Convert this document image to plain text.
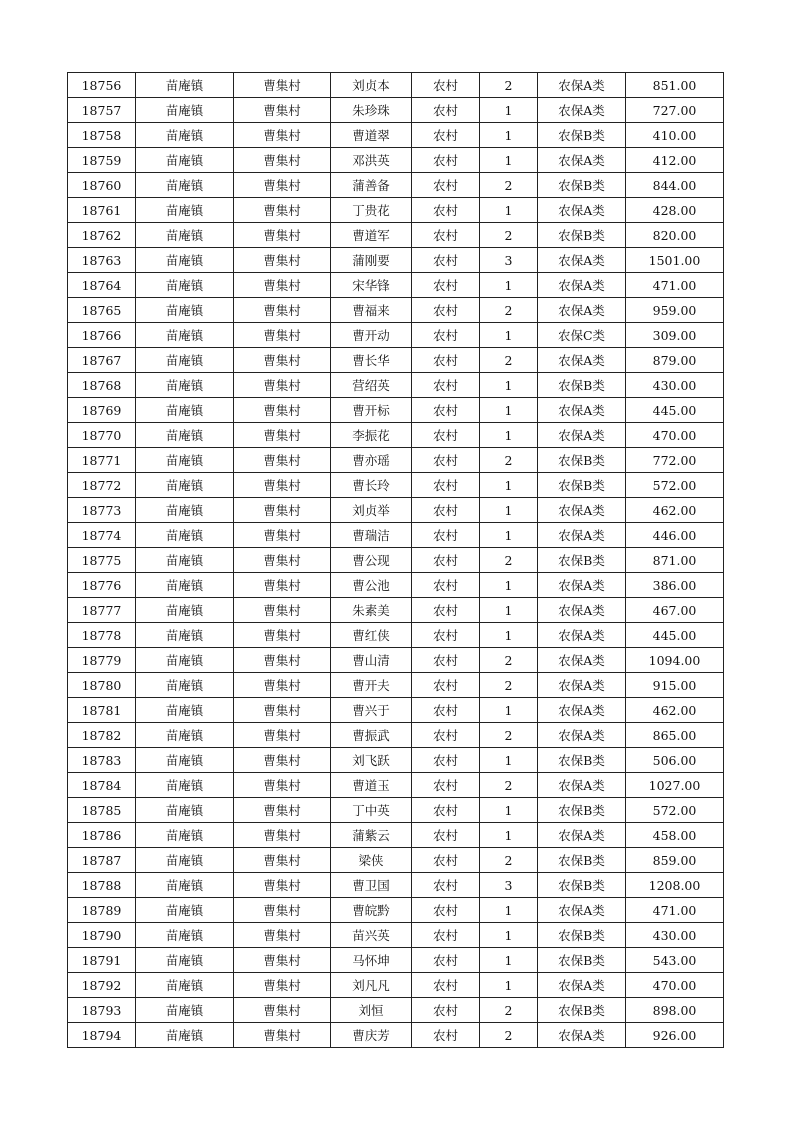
18756	苗庵镇	曹集村	刘贞本	农村	2	农保A类	851.00
18757	苗庵镇	曹集村	朱珍珠	农村	1	农保A类	727.00
18758	苗庵镇	曹集村	曹道翠	农村	1	农保B类	410.00
18759	苗庵镇	曹集村	邓洪英	农村	1	农保A类	412.00
18760	苗庵镇	曹集村	蒲善备	农村	2	农保B类	844.00
18761	苗庵镇	曹集村	丁贵花	农村	1	农保A类	428.00
18762	苗庵镇	曹集村	曹道军	农村	2	农保B类	820.00
18763	苗庵镇	曹集村	蒲刚要	农村	3	农保A类	1501.00
18764	苗庵镇	曹集村	宋华锋	农村	1	农保A类	471.00
18765	苗庵镇	曹集村	曹福来	农村	2	农保A类	959.00
18766	苗庵镇	曹集村	曹开动	农村	1	农保C类	309.00
18767	苗庵镇	曹集村	曹长华	农村	2	农保A类	879.00
18768	苗庵镇	曹集村	营绍英	农村	1	农保B类	430.00
18769	苗庵镇	曹集村	曹开标	农村	1	农保A类	445.00
18770	苗庵镇	曹集村	李振花	农村	1	农保A类	470.00
18771	苗庵镇	曹集村	曹亦瑶	农村	2	农保B类	772.00
18772	苗庵镇	曹集村	曹长玲	农村	1	农保B类	572.00
18773	苗庵镇	曹集村	刘贞举	农村	1	农保A类	462.00
18774	苗庵镇	曹集村	曹瑞洁	农村	1	农保A类	446.00
18775	苗庵镇	曹集村	曹公现	农村	2	农保B类	871.00
18776	苗庵镇	曹集村	曹公池	农村	1	农保A类	386.00
18777	苗庵镇	曹集村	朱素美	农村	1	农保A类	467.00
18778	苗庵镇	曹集村	曹红侠	农村	1	农保A类	445.00
18779	苗庵镇	曹集村	曹山清	农村	2	农保A类	1094.00
18780	苗庵镇	曹集村	曹开夫	农村	2	农保A类	915.00
18781	苗庵镇	曹集村	曹兴于	农村	1	农保A类	462.00
18782	苗庵镇	曹集村	曹振武	农村	2	农保A类	865.00
18783	苗庵镇	曹集村	刘飞跃	农村	1	农保B类	506.00
18784	苗庵镇	曹集村	曹道玉	农村	2	农保A类	1027.00
18785	苗庵镇	曹集村	丁中英	农村	1	农保B类	572.00
18786	苗庵镇	曹集村	蒲紫云	农村	1	农保A类	458.00
18787	苗庵镇	曹集村	梁侠	农村	2	农保B类	859.00
18788	苗庵镇	曹集村	曹卫国	农村	3	农保B类	1208.00
18789	苗庵镇	曹集村	曹皖黔	农村	1	农保A类	471.00
18790	苗庵镇	曹集村	苗兴英	农村	1	农保B类	430.00
18791	苗庵镇	曹集村	马怀坤	农村	1	农保B类	543.00
18792	苗庵镇	曹集村	刘凡凡	农村	1	农保A类	470.00
18793	苗庵镇	曹集村	刘恒	农村	2	农保B类	898.00
18794	苗庵镇	曹集村	曹庆芳	农村	2	农保A类	926.00
